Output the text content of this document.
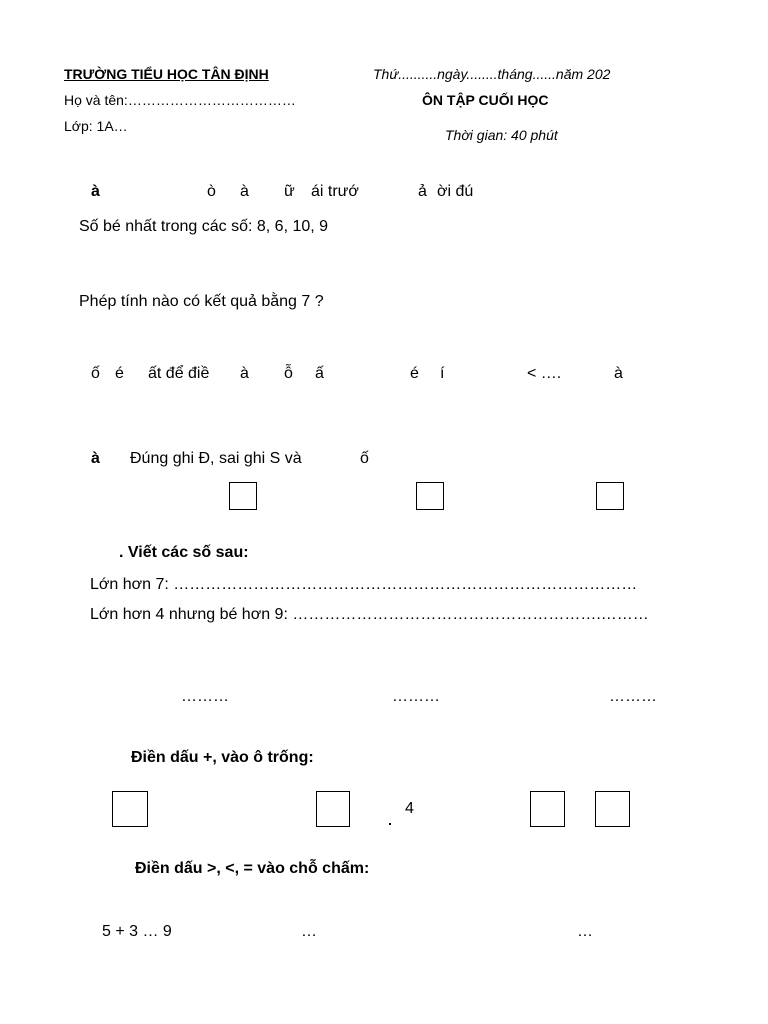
TRƯỜNG TIỂU HỌC TÂN ĐỊNH	Thứ..........ngày........tháng......năm 202
Họ và tên:………………………………	ÔN TẬP CUỐI HỌC
Lớp: 1A…
Thời gian: 40 phút
à	ò à ữ ái trướ	ả ời đú
Số bé nhất trong các số: 8, 6, 10, 9
Phép tính nào có kết quả bằng 7 ?
ố é ất để điề à ỗ ấ	é í	< ….	à
à Đúng ghi Đ, sai ghi S và	ố
. Viết các số sau:
Lớn hơn 7: ……………………………………………………………………………
Lớn hơn 4 nhưng bé hơn 9: ………………………………………………….………
………	………	………
Điền dấu +, vào ô trống:
4
Điền dấu >, <, = vào chỗ chấm:
5 + 3 … 9	…	…
